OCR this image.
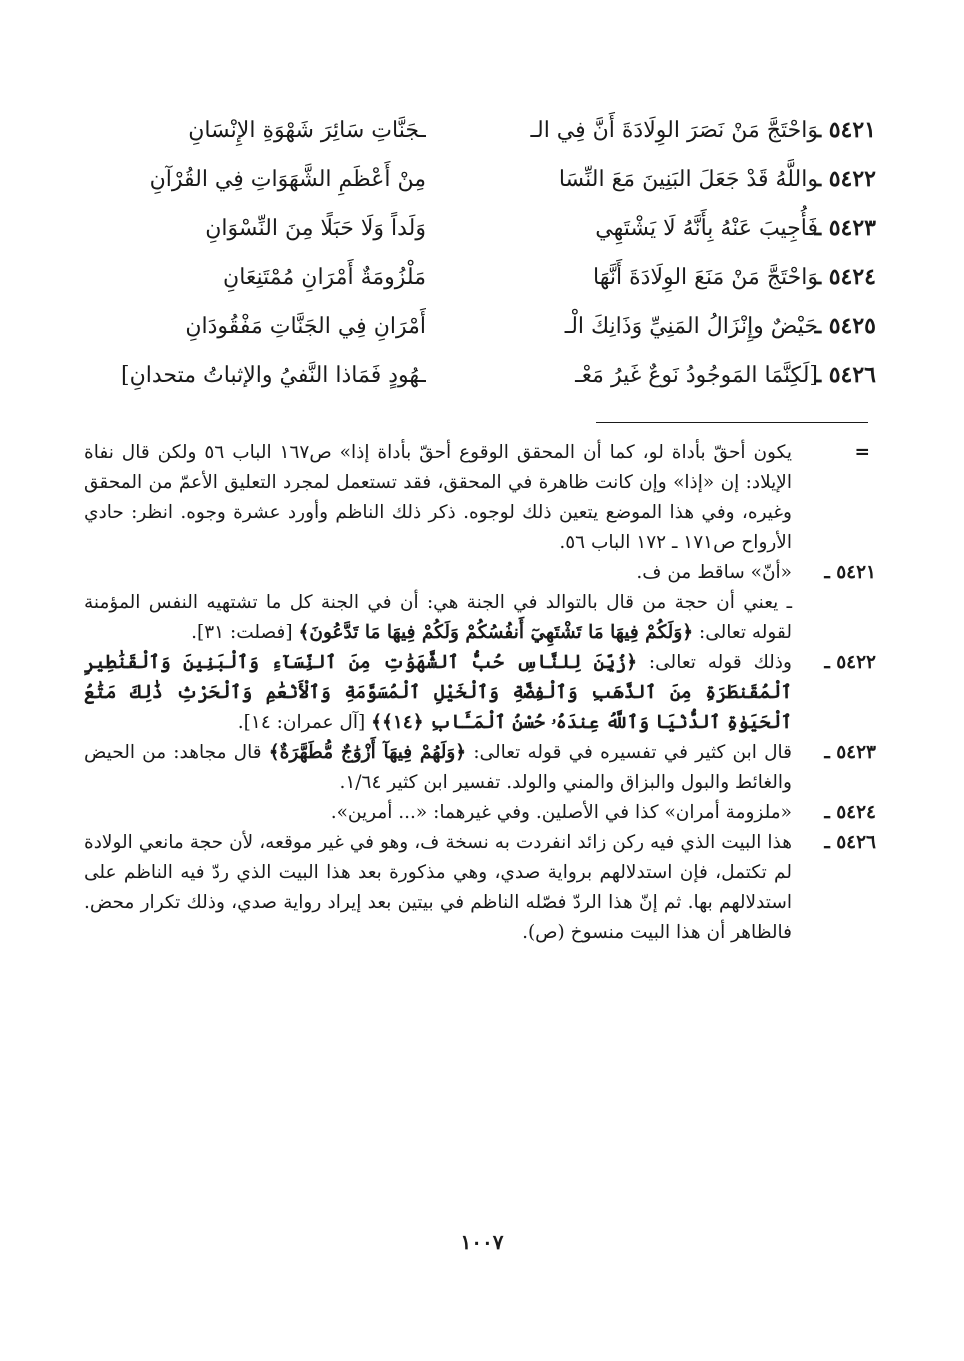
٥٤٢١ ـ
وَاحْتَجَّ مَنْ نَصَرَ الوِلَادَةَ أَنَّ فِي الـ
ـجَنَّاتِ سَائِرَ شَهْوَةِ الإِنْسَانِ
٥٤٢٢ ـ
واللَّهُ قَدْ جَعَلَ البَنِينَ مَعَ النِّسَا
مِنْ أَعْظَمِ الشَّهَوَاتِ فِي القُرْآنِ
٥٤٢٣ ـ
فَأُجِيبَ عَنْهُ بِأَنَّهُ لَا يَشْتَهِي
وَلَداً وَلَا حَبَلًا مِنَ النِّسْوَانِ
٥٤٢٤ ـ
وَاحْتَجَّ مَنْ مَنَعَ الوِلَادَةَ أَنَّهَا
مَلْزُومَةٌ أَمْرَانِ مُمْتَنِعَانِ
٥٤٢٥ ـ
حَيْضٌ وإِنْزَالُ المَنِيِّ وَذَانِكَ الْـ
أَمْرَانِ فِي الجَنَّاتِ مَفْقُودَانِ
٥٤٢٦ ـ
[لَكِنَّمَا المَوجُودُ نَوعٌ غَيرُ مَعْـ
ـهُودٍ فَمَاذا النَّفيُ والإثباتُ متحدانِ]

=
يكون أحقّ بأداة لو، كما أن المحقق الوقوع أحقّ بأداة إذا» ص١٦٧ الباب ٥٦ ولكن قال نفاة الإيلاد: إن «إذا» وإن كانت ظاهرة في المحقق، فقد تستعمل لمجرد التعليق الأعمّ من المحقق وغيره، وفي هذا الموضع يتعين ذلك لوجوه. ذكر ذلك الناظم وأورد عشرة وجوه. انظر: حادي الأرواح ص١٧١ ـ ١٧٢ الباب ٥٦.

٥٤٢١ ـ
«أنّ» ساقط من ف.

ـ يعني أن حجة من قال بالتوالد في الجنة هي: أن في الجنة كل ما تشتهيه النفس المؤمنة لقوله تعالى: ﴿وَلَكُمْ فِيهَا مَا تَشْتَهِيٓ أَنفُسُكُمْ وَلَكُمْ فِيهَا مَا تَدَّعُونَ﴾ [فصلت: ٣١].

٥٤٢٢ ـ
وذلك قوله تعالى: ﴿زُيِّنَ لِلنَّاسِ حُبُّ ٱلشَّهَوَٰتِ مِنَ ٱلنِّسَآءِ وَٱلْبَنِينَ وَٱلْقَنَٰطِيرِ ٱلْمُقَنطَرَةِ مِنَ ٱلذَّهَبِ وَٱلْفِضَّةِ وَٱلْخَيْلِ ٱلْمُسَوَّمَةِ وَٱلْأَنْعَٰمِ وَٱلْحَرْثِ ذَٰلِكَ مَتَٰعُ ٱلْحَيَوٰةِ ٱلدُّنْيَا وَٱللَّهُ عِندَهُۥ حُسْنُ ٱلْمَـَٔابِ ﴿١٤﴾﴾ [آل عمران: ١٤].

٥٤٢٣ ـ
قال ابن كثير في تفسيره في قوله تعالى: ﴿وَلَهُمْ فِيهَآ أَزْوَٰجٌ مُّطَهَّرَةٌ﴾ قال مجاهد: من الحيض والغائط والبول والبزاق والمني والولد. تفسير ابن كثير ١/٦٤.

٥٤٢٤ ـ
«ملزومة أمران» كذا في الأصلين. وفي غيرهما: «... أمرين».

٥٤٢٦ ـ
هذا البيت الذي فيه ركن زائد انفردت به نسخة ف، وهو في غير موقعه، لأن حجة مانعي الولادة لم تكتمل، فإن استدلالهم برواية صدي، وهي مذكورة بعد هذا البيت الذي ردّ فيه الناظم على استدلالهم بها. ثم إنّ هذا الردّ فصّله الناظم في بيتين بعد إيراد رواية صدي، وذلك تكرار محض. فالظاهر أن هذا البيت منسوخ (ص).

١٠٠٧
